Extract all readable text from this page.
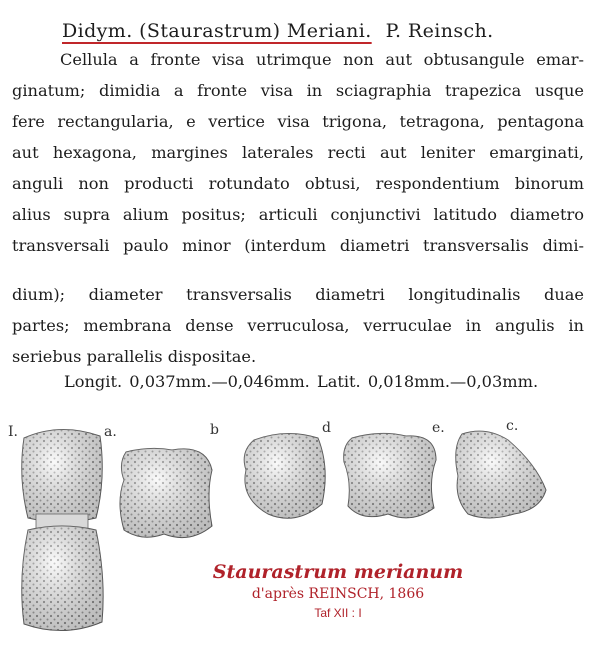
Didym. (Staurastrum) Meriani. P. Reinsch.
Cellula a fronte visa utrimque non aut obtusangule emar-
ginatum; dimidia a fronte visa in sciagraphia trapezica usque
fere rectangularia, e vertice visa trigona, tetragona, pentagona
aut hexagona, margines laterales recti aut leniter emarginati,
anguli non producti rotundato obtusi, respondentium binorum
alius supra alium positus; articuli conjunctivi latitudo diametro
transversali paulo minor (interdum diametri transversalis dimi-
dium); diameter transversalis diametri longitudinalis duae
partes; membrana dense verruculosa, verruculae in angulis in
seriebus parallelis dispositae.
Longit. 0,037mm.—0,046mm. Latit. 0,018mm.—0,03mm.
I.	a.	b	d	e.	c.
Staurastrum merianum
d'après REINSCH, 1866
Taf XII : I
